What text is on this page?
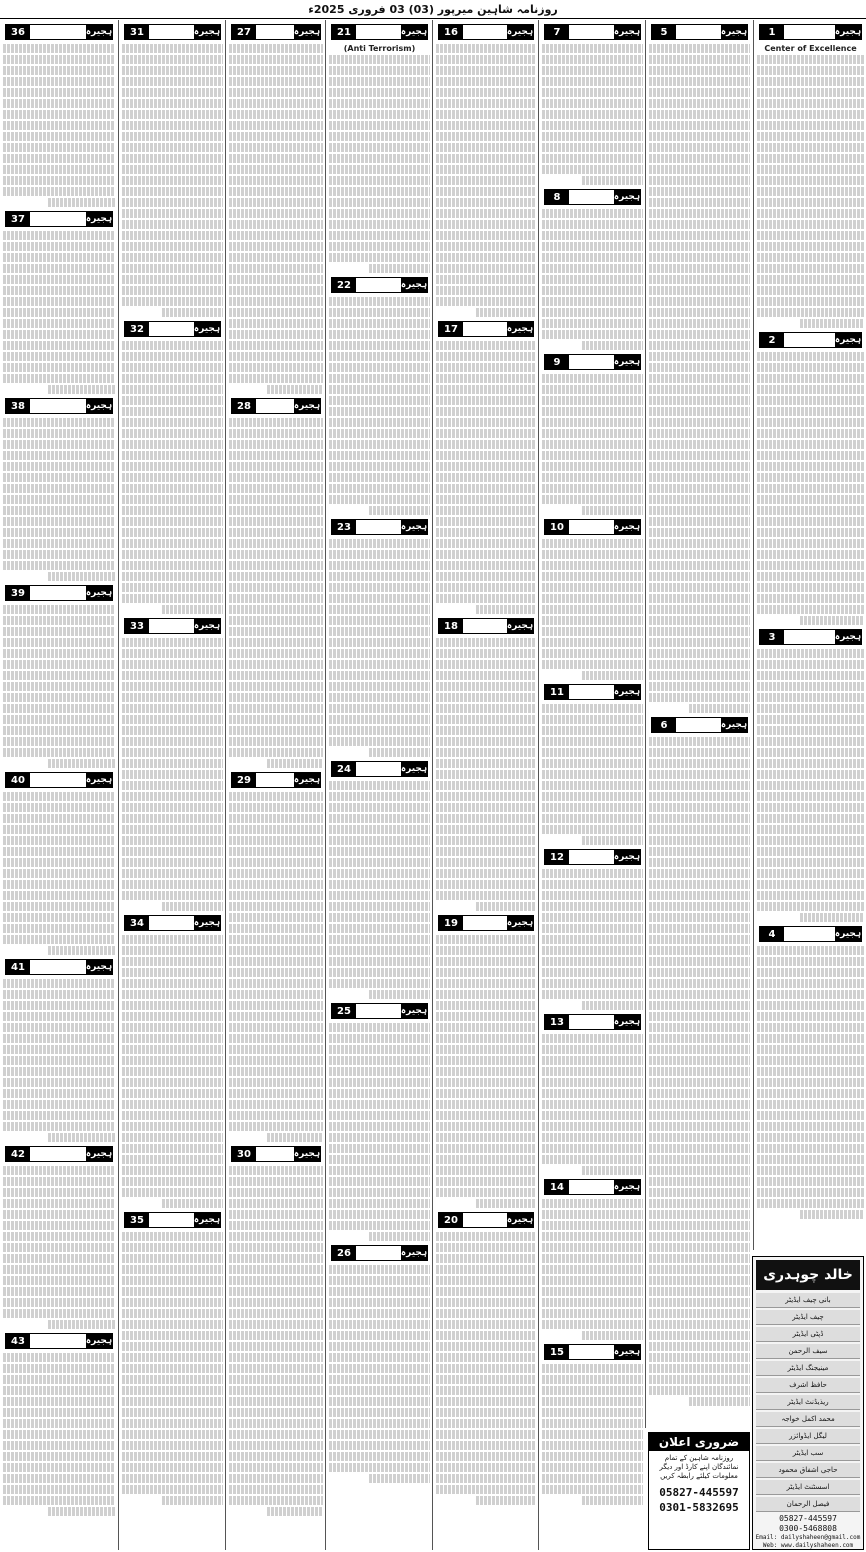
روزنامہ شاہین میرپور (03) 03 فروری 2025ء
1	ہجیرہ
Center of Excellence
2	ہجیرہ
3	ہجیرہ
4	ہجیرہ
5	ہجیرہ
6	ہجیرہ
7	ہجیرہ
8	ہجیرہ
9	ہجیرہ
10	ہجیرہ
11	ہجیرہ
12	ہجیرہ
13	ہجیرہ
14	ہجیرہ
15	ہجیرہ
16	ہجیرہ
17	ہجیرہ
18	ہجیرہ
19	ہجیرہ
20	ہجیرہ
21	ہجیرہ
(Anti Terrorism)
22	ہجیرہ
23	ہجیرہ
24	ہجیرہ
25	ہجیرہ
26	ہجیرہ
27	ہجیرہ
28	ہجیرہ
29	ہجیرہ
30	ہجیرہ
31	ہجیرہ
32	ہجیرہ
33	ہجیرہ
34	ہجیرہ
35	ہجیرہ
36	ہجیرہ
37	ہجیرہ
38	ہجیرہ
39	ہجیرہ
40	ہجیرہ
41	ہجیرہ
42	ہجیرہ
43	ہجیرہ
ضروری اعلان
روزنامہ شاہین کے تمام نمائندگان اپنے کارڈ اور دیگر معلومات کیلئے رابطہ کریں
05827-445597
0301-5832695
خالد چوہدری
بانی چیف ایڈیٹر
چیف ایڈیٹر
ڈپٹی ایڈیٹر
سیف الرحمن
مینیجنگ ایڈیٹر
حافظ اشرف
ریذیڈنٹ ایڈیٹر
محمد اکمل خواجہ
لیگل ایڈوائزر
سب ایڈیٹر
حاجی اشفاق محمود
اسسٹنٹ ایڈیٹر
فیصل الرحمان
05827-445597
0300-5468808
Email: dailyshaheen@gmail.com
Web: www.dailyshaheen.com
